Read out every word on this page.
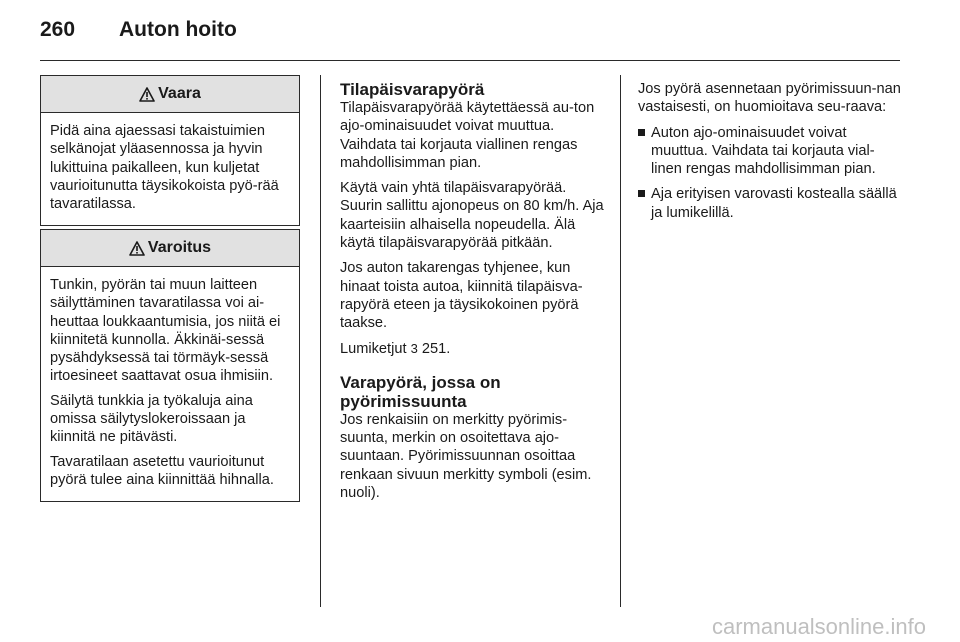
260 Auton hoito
Vaara

Pidä aina ajaessasi takaistuimien selkänojat yläasennossa ja hyvin lukittuina paikalleen, kun kuljetat vaurioitunutta täysikokoista pyö-rää tavaratilassa.

Varoitus

Tunkin, pyörän tai muun laitteen säilyttäminen tavaratilassa voi ai-heuttaa loukkaantumisia, jos niitä ei kiinnitetä kunnolla. Äkkinäi-sessä pysähdyksessä tai törmäyk-sessä irtoesineet saattavat osua ihmisiin.

Säilytä tunkkia ja työkaluja aina omissa säilytyslokeroissaan ja kiinnitä ne pitävästi.

Tavaratilaan asetettu vaurioitunut pyörä tulee aina kiinnittää hihnalla.

Tilapäisvarapyörä

Tilapäisvarapyörää käytettäessä au-ton ajo-ominaisuudet voivat muuttua. Vaihdata tai korjauta viallinen rengas mahdollisimman pian.

Käytä vain yhtä tilapäisvarapyörää. Suurin sallittu ajonopeus on 80 km/h. Aja kaarteisiin alhaisella nopeudella. Älä käytä tilapäisvarapyörää pitkään.

Jos auton takarengas tyhjenee, kun hinaat toista autoa, kiinnitä tilapäisva-rapyörä eteen ja täysikokoinen pyörä taakse.

Lumiketjut 3 251.

Varapyörä, jossa on pyörimissuunta

Jos renkaisiin on merkitty pyörimis-suunta, merkin on osoitettava ajo-suuntaan. Pyörimissuunnan osoittaa renkaan sivuun merkitty symboli (esim. nuoli).

Jos pyörä asennetaan pyörimissuun-nan vastaisesti, on huomioitava seu-raava:

Auton ajo-ominaisuudet voivat muuttua. Vaihdata tai korjauta vial-linen rengas mahdollisimman pian.
Aja erityisen varovasti kostealla säällä ja lumikelillä.
carmanualsonline.info
